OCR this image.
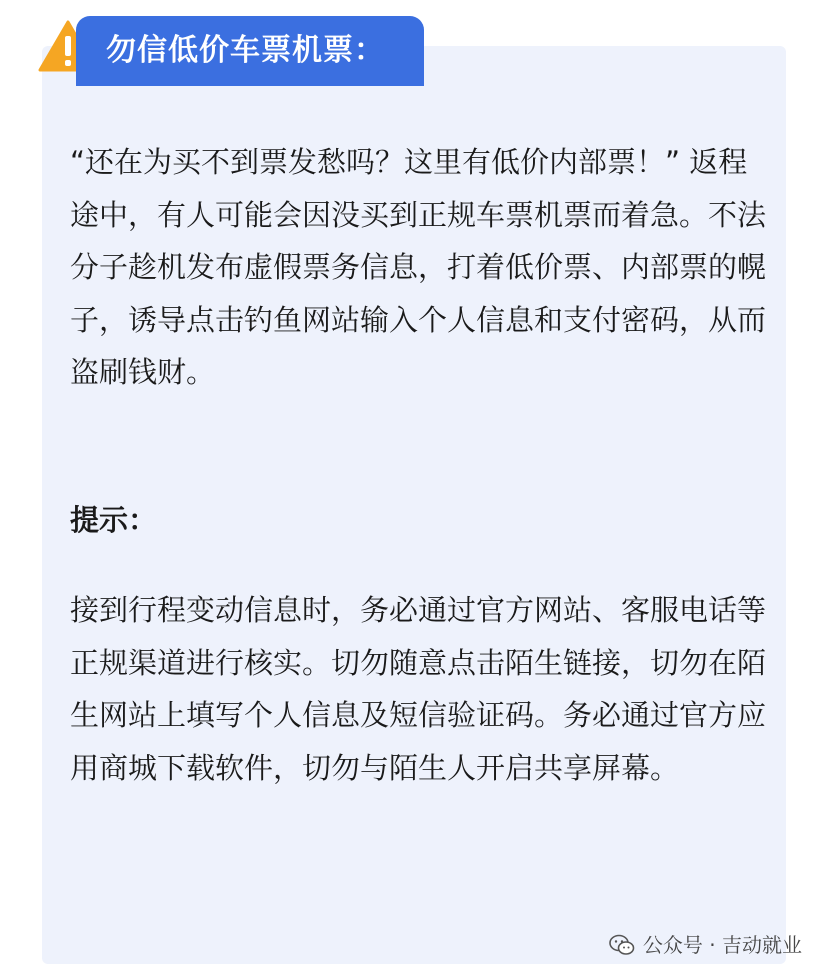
勿信低价车票机票：

“还在为买不到票发愁吗？这里有低价内部票！” 返程途中，有人可能会因没买到正规车票机票而着急。不法分子趁机发布虚假票务信息，打着低价票、内部票的幌子，诱导点击钓鱼网站输入个人信息和支付密码，从而盗刷钱财。

提示：

接到行程变动信息时，务必通过官方网站、客服电话等正规渠道进行核实。切勿随意点击陌生链接，切勿在陌生网站上填写个人信息及短信验证码。务必通过官方应用商城下载软件，切勿与陌生人开启共享屏幕。

公众号 · 吉动就业
